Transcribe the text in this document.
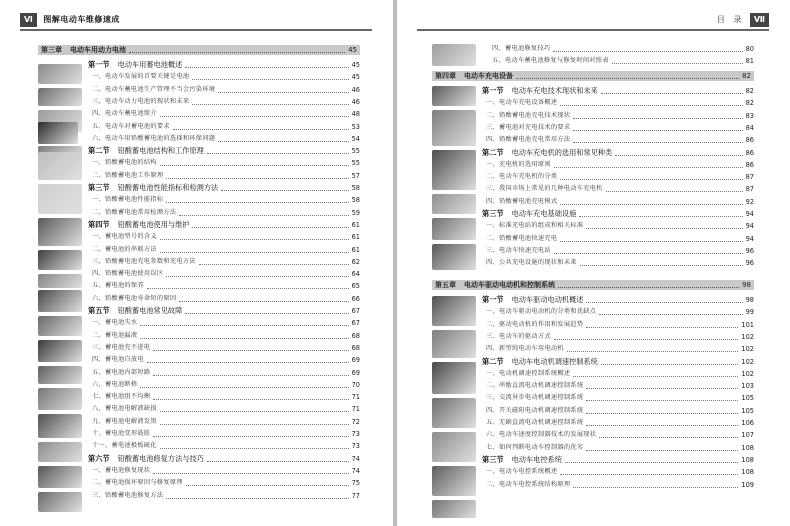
Ⅵ 图解电动车维修速成
第三章	电动车用动力电池	45
第一节	电动车用蓄电池概述	45
一、电动车发展的首要关键是电池	45
二、电动车蓄电池生产管理不当会污染环境	46
三、电动车动力电池的现状和未来	46
四、电动车蓄电池简介	48
五、电动车对蓄电池的要求	53
六、电动车用铅酸蓄电池的选择和环保问题	54
第二节	铅酸蓄电池结构和工作原理	55
一、铅酸蓄电池的结构	55
二、铅酸蓄电池工作原理	57
第三节	铅酸蓄电池性能指标和检测方法	58
一、铅酸蓄电池性能指标	58
二、铅酸蓄电池常用检测方法	59
第四节	铅酸蓄电池使用与维护	61
一、蓄电池型号的含义	61
二、蓄电池的串联方法	61
三、铅酸蓄电池充电参数和充电方法	62
四、铅酸蓄电池使用误区	64
五、蓄电池的保养	65
六、铅酸蓄电池寿命短的原因	66
第五节	铅酸蓄电池常见故障	67
一、蓄电池失水	67
二、蓄电池漏液	68
三、蓄电池充不进电	68
四、蓄电池自放电	69
五、蓄电池内部短路	69
六、蓄电池断格	70
七、蓄电池组不均衡	71
八、蓄电池电解液缺损	71
九、蓄电池电解液发黑	72
十、蓄电池变形鼓胀	73
十一、蓄电池极板硫化	73
第六节	铅酸蓄电池修复方法与技巧	74
一、蓄电池修复现状	74
二、蓄电池损坏原因与修复原理	75
三、铅酸蓄电池修复方法	77
目 录 Ⅶ
四、蓄电池修复技巧	80
五、电动车蓄电池修复与修复时间对照表	81
第四章	电动车充电设备	82
第一节	电动车充电技术现状和未来	82
一、电动车充电设备概述	82
二、铅酸蓄电池充电技术现状	83
三、蓄电池对充电技术的要求	84
四、铅酸蓄电池充电常用方法	86
第二节	电动车充电机的选用和常见种类	86
一、充电机的选用原则	86
二、电动车充电机的分类	87
三、我国市场上常见的几种电动车充电机	87
四、铅酸蓄电池充电模式	92
第三节	电动车充电基础设施	94
一、标准充电站的组成和相关标准	94
二、铅酸蓄电池快速充电	94
三、电动车快速充电站	96
四、公共充电设施的现状和未来	96
第五章	电动车驱动电动机和控制系统	98
第一节	电动车驱动电动机概述	98
一、电动车驱动电动机的分类和优缺点	99
二、驱动电动机的作用和发展趋势	101
三、电动车的驱动方式	102
四、新型纯电动车用电动机	102
第二节	电动车电动机调速控制系统	102
一、电动机调速控制系统概述	102
二、串励直流电动机调速控制系统	103
三、交流异步电动机调速控制系统	105
四、开关磁阻电动机调速控制系统	105
五、无刷直流电动机调速控制系统	106
六、电动车速度控制器技术的发展现状	107
七、如何判断电动车控制器的优劣	108
第三节	电动车电控系统	108
一、电动车电控系统概述	108
二、电动车电控系统结构原理	109
